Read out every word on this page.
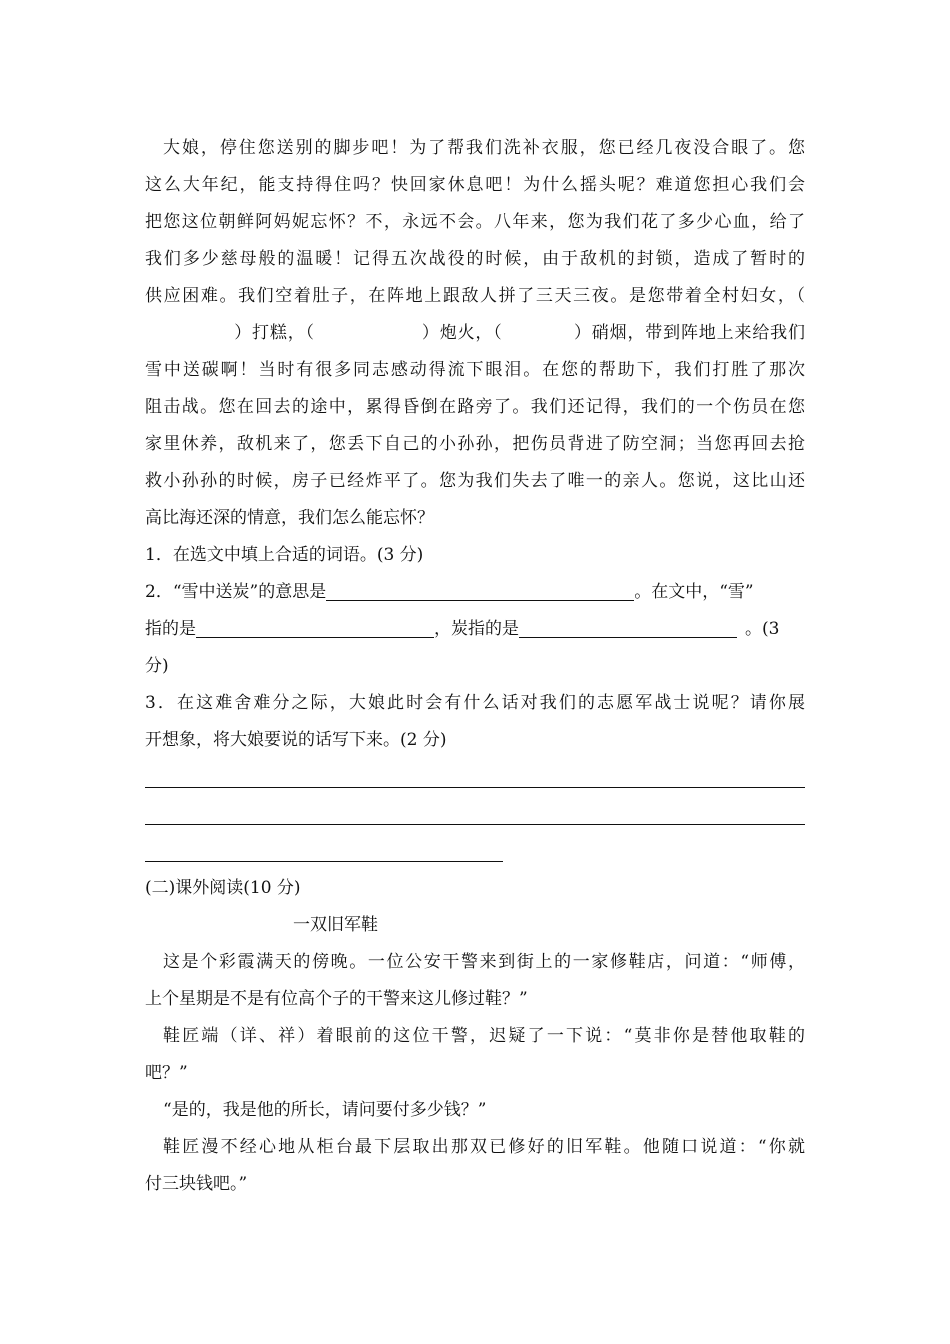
大娘，停住您送别的脚步吧！为了帮我们洗补衣服，您已经几夜没合眼了。您
这么大年纪，能支持得住吗？快回家休息吧！为什么摇头呢？难道您担心我们会
把您这位朝鲜阿妈妮忘怀？不，永远不会。八年来，您为我们花了多少心血，给了
我们多少慈母般的温暖！记得五次战役的时候，由于敌机的封锁，造成了暂时的
供应困难。我们空着肚子，在阵地上跟敌人拼了三天三夜。是您带着全村妇女，（
　　　　　）打糕，（　　　　　　）炮火，（　　　　）硝烟，带到阵地上来给我们
雪中送碳啊！当时有很多同志感动得流下眼泪。在您的帮助下，我们打胜了那次
阻击战。您在回去的途中，累得昏倒在路旁了。我们还记得，我们的一个伤员在您
家里休养，敌机来了，您丢下自己的小孙孙，把伤员背进了防空洞；当您再回去抢
救小孙孙的时候，房子已经炸平了。您为我们失去了唯一的亲人。您说，这比山还
高比海还深的情意，我们怎么能忘怀？
1．在选文中填上合适的词语。(3 分)
2．“雪中送炭”的意思是	。在文中，“雪”
指的是	，炭指的是	。(3
分)
3．在这难舍难分之际，大娘此时会有什么话对我们的志愿军战士说呢？请你展
开想象，将大娘要说的话写下来。(2 分)
(二)课外阅读(10 分)
一双旧军鞋
这是个彩霞满天的傍晚。一位公安干警来到街上的一家修鞋店，问道：“师傅，
上个星期是不是有位高个子的干警来这儿修过鞋？”
鞋匠端（详、祥）着眼前的这位干警，迟疑了一下说：“莫非你是替他取鞋的
吧？”
“是的，我是他的所长，请问要付多少钱？”
鞋匠漫不经心地从柜台最下层取出那双已修好的旧军鞋。他随口说道：“你就
付三块钱吧。”
